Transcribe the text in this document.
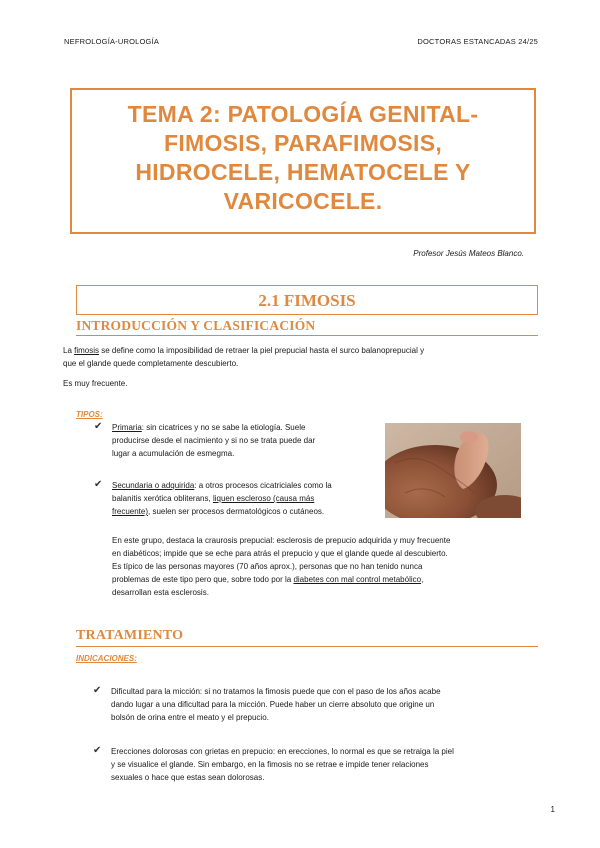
NEFROLOGÍA-UROLOGÍA	DOCTORAS ESTANCADAS 24/25
TEMA 2: PATOLOGÍA GENITAL-
FIMOSIS, PARAFIMOSIS,
HIDROCELE, HEMATOCELE Y
VARICOCELE.
Profesor Jesús Mateos Blanco.
2.1 FIMOSIS
INTRODUCCIÓN Y CLASIFICACIÓN
La fimosis se define como la imposibilidad de retraer la piel prepucial hasta el surco balanoprepucial y
que el glande quede completamente descubierto.
Es muy frecuente.
TIPOS:
✔ Primaria: sin cicatrices y no se sabe la etiología. Suele
producirse desde el nacimiento y si no se trata puede dar
lugar a acumulación de esmegma.
✔ Secundaria o adquirida: a otros procesos cicatriciales como la
balanitis xerótica obliterans, liquen escleroso (causa más
frecuente), suelen ser procesos dermatológicos o cutáneos.
En este grupo, destaca la craurosis prepucial: esclerosis de prepucio adquirida y muy frecuente
en diabéticos; impide que se eche para atrás el prepucio y que el glande quede al descubierto.
Es típico de las personas mayores (70 años aprox.), personas que no han tenido nunca
problemas de este tipo pero que, sobre todo por la diabetes con mal control metabólico,
desarrollan esta esclerosis.
TRATAMIENTO
INDICACIONES:
✔ Dificultad para la micción: si no tratamos la fimosis puede que con el paso de los años acabe
dando lugar a una dificultad para la micción. Puede haber un cierre absoluto que origine un
bolsón de orina entre el meato y el prepucio.
✔ Erecciones dolorosas con grietas en prepucio: en erecciones, lo normal es que se retraiga la piel
y se visualice el glande. Sin embargo, en la fimosis no se retrae e impide tener relaciones
sexuales o hace que estas sean dolorosas.
1
